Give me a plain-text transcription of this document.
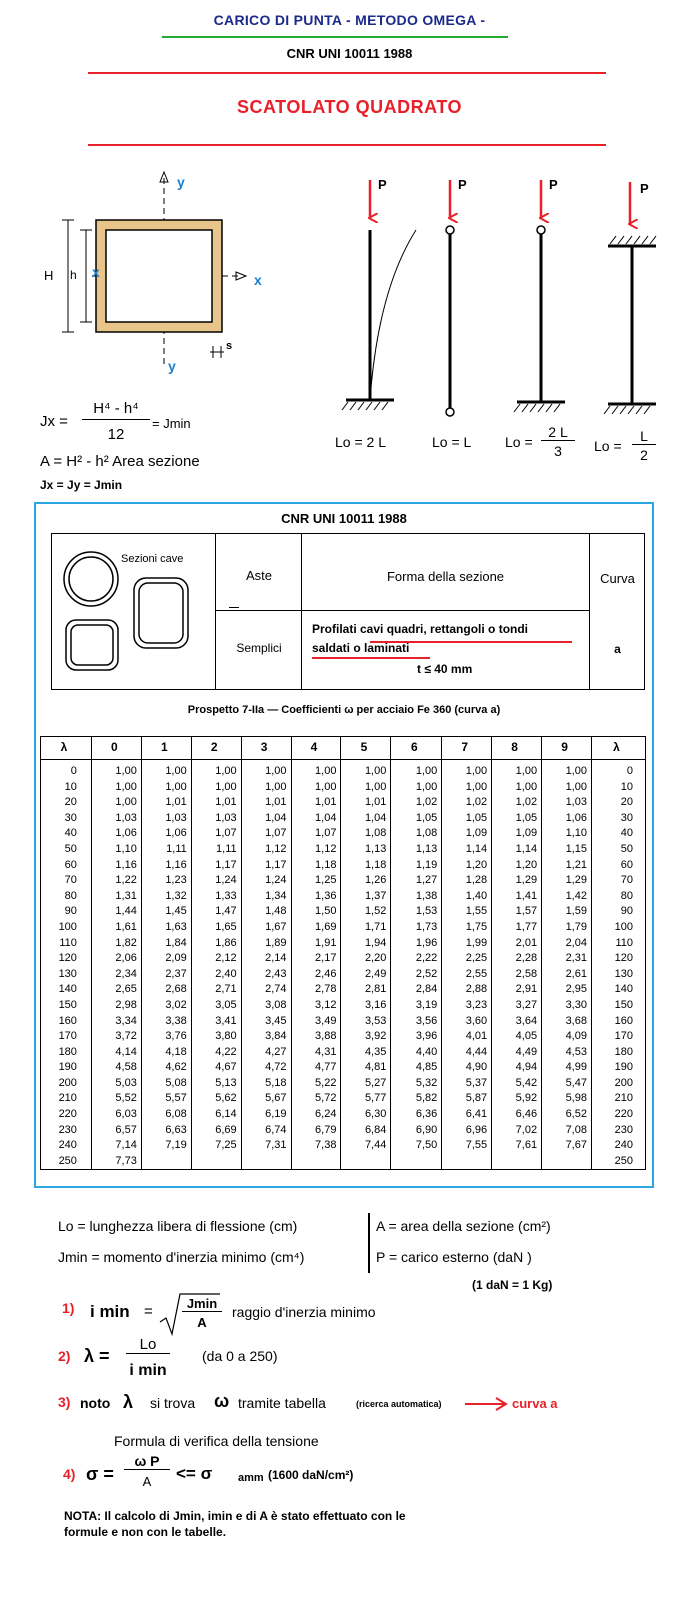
CARICO DI PUNTA - METODO OMEGA -
CNR UNI 10011 1988
SCATOLATO QUADRATO
H h
y
y
x	x
s
P	P	P	P
Lo = 2 L	Lo = L Lo =
2 L
3	Lo =
L
2
Jx =
H⁴ - h⁴
12
= Jmin
A = H² - h² Area sezione
Jx = Jy = Jmin
CNR UNI 10011 1988
Sezioni cave
Aste	Forma della sezione	Curva
Semplici
Profilati cavi quadri, rettangoli o tondi
saldati o laminati
t ≤ 40 mm
a
Prospetto 7-IIa — Coefficienti ω per acciaio Fe 360 (curva a)
λ	0	1	2	3	4	5	6	7	8	9	λ
0	1,00	1,00	1,00	1,00	1,00	1,00	1,00	1,00	1,00	1,00	0
10	1,00	1,00	1,00	1,00	1,00	1,00	1,00	1,00	1,00	1,00	10
20	1,00	1,01	1,01	1,01	1,01	1,01	1,02	1,02	1,02	1,03	20
30	1,03	1,03	1,03	1,04	1,04	1,04	1,05	1,05	1,05	1,06	30
40	1,06	1,06	1,07	1,07	1,07	1,08	1,08	1,09	1,09	1,10	40
50	1,10	1,11	1,11	1,12	1,12	1,13	1,13	1,14	1,14	1,15	50
60	1,16	1,16	1,17	1,17	1,18	1,18	1,19	1,20	1,20	1,21	60
70	1,22	1,23	1,24	1,24	1,25	1,26	1,27	1,28	1,29	1,29	70
80	1,31	1,32	1,33	1,34	1,36	1,37	1,38	1,40	1,41	1,42	80
90	1,44	1,45	1,47	1,48	1,50	1,52	1,53	1,55	1,57	1,59	90
100	1,61	1,63	1,65	1,67	1,69	1,71	1,73	1,75	1,77	1,79	100
110	1,82	1,84	1,86	1,89	1,91	1,94	1,96	1,99	2,01	2,04	110
120	2,06	2,09	2,12	2,14	2,17	2,20	2,22	2,25	2,28	2,31	120
130	2,34	2,37	2,40	2,43	2,46	2,49	2,52	2,55	2,58	2,61	130
140	2,65	2,68	2,71	2,74	2,78	2,81	2,84	2,88	2,91	2,95	140
150	2,98	3,02	3,05	3,08	3,12	3,16	3,19	3,23	3,27	3,30	150
160	3,34	3,38	3,41	3,45	3,49	3,53	3,56	3,60	3,64	3,68	160
170	3,72	3,76	3,80	3,84	3,88	3,92	3,96	4,01	4,05	4,09	170
180	4,14	4,18	4,22	4,27	4,31	4,35	4,40	4,44	4,49	4,53	180
190	4,58	4,62	4,67	4,72	4,77	4,81	4,85	4,90	4,94	4,99	190
200	5,03	5,08	5,13	5,18	5,22	5,27	5,32	5,37	5,42	5,47	200
210	5,52	5,57	5,62	5,67	5,72	5,77	5,82	5,87	5,92	5,98	210
220	6,03	6,08	6,14	6,19	6,24	6,30	6,36	6,41	6,46	6,52	220
230	6,57	6,63	6,69	6,74	6,79	6,84	6,90	6,96	7,02	7,08	230
240	7,14	7,19	7,25	7,31	7,38	7,44	7,50	7,55	7,61	7,67	240
250	7,73										250
Lo = lunghezza libera di flessione (cm)
Jmin = momento d'inerzia minimo (cm⁴)
A = area della sezione (cm²)
P = carico esterno (daN )
(1 daN = 1 Kg)
1) i min =	Jmin
A
raggio d'inerzia minimo
2) λ =
Lo
i min
(da 0 a 250)
3) noto λ si trova ω tramite tabella	(ricerca automatica)	curva a
Formula di verifica della tensione
4) σ =
ω P
A	<= σ amm (1600 daN/cm²)
NOTA: Il calcolo di Jmin, imin e di A è stato effettuato con le
formule e non con le tabelle.
